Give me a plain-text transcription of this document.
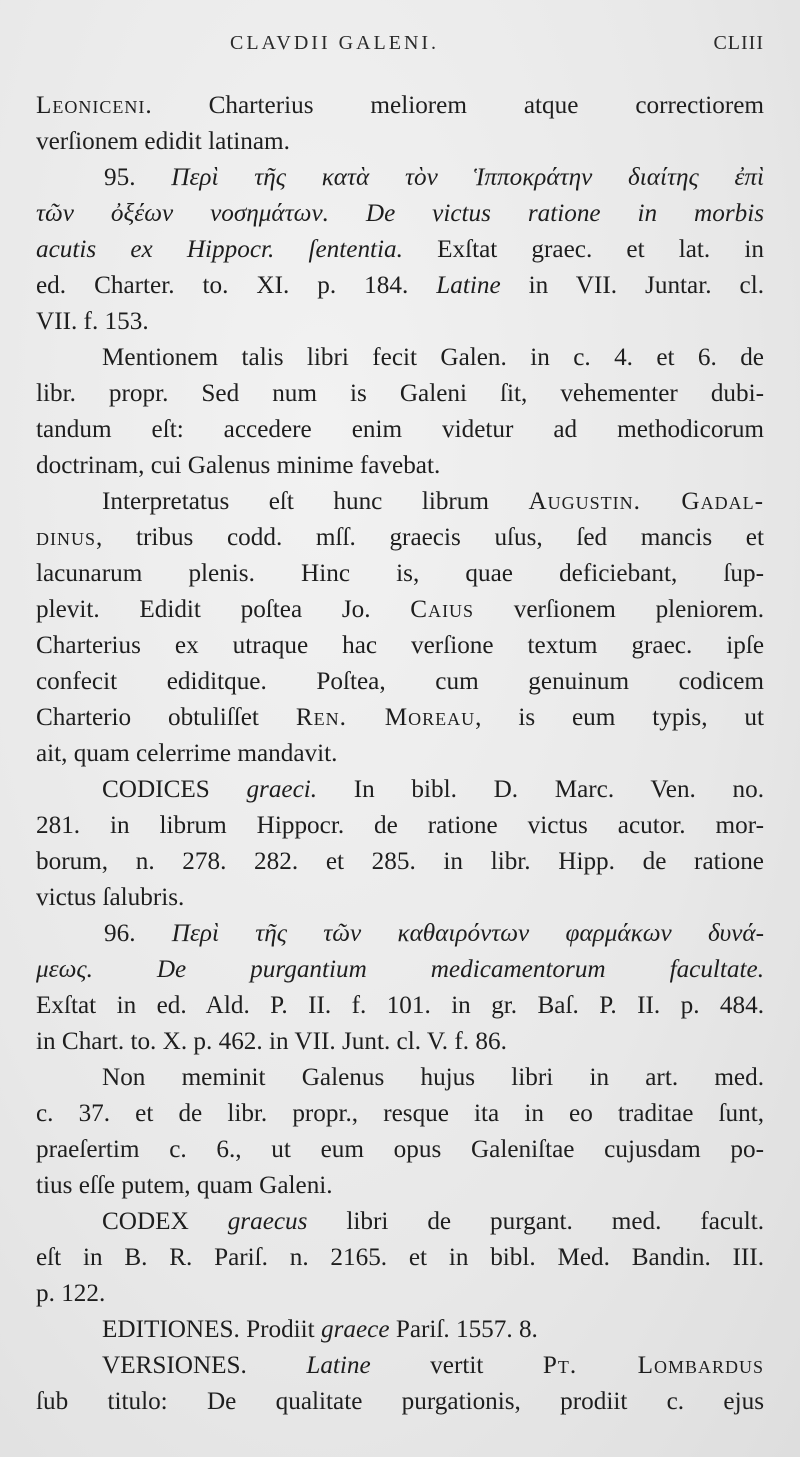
CLAVDII GALENI.	CLIII
Leoniceni. Charterius meliorem atque correctiorem
verſionem edidit latinam.
95. Περὶ τῆς κατὰ τὸν Ἱπποκράτην διαίτης ἐπὶ
τῶν ὀξέων νοσημάτων. De victus ratione in morbis
acutis ex Hippocr. ſententia. Exſtat graec. et lat. in
ed. Charter. to. XI. p. 184. Latine in VII. Juntar. cl.
VII. f. 153.
Mentionem talis libri fecit Galen. in c. 4. et 6. de
libr. propr. Sed num is Galeni ſit, vehementer dubi-
tandum eſt: accedere enim videtur ad methodicorum
doctrinam, cui Galenus minime favebat.
Interpretatus eſt hunc librum Augustin. Gadal-
dinus, tribus codd. mſſ. graecis uſus, ſed mancis et
lacunarum plenis. Hinc is, quae deficiebant, ſup-
plevit. Edidit poſtea Jo. Caius verſionem pleniorem.
Charterius ex utraque hac verſione textum graec. ipſe
confecit ediditque. Poſtea, cum genuinum codicem
Charterio obtuliſſet Ren. Moreau, is eum typis, ut
ait, quam celerrime mandavit.
CODICES graeci. In bibl. D. Marc. Ven. no.
281. in librum Hippocr. de ratione victus acutor. mor-
borum, n. 278. 282. et 285. in libr. Hipp. de ratione
victus ſalubris.
96. Περὶ τῆς τῶν καθαιρόντων φαρμάκων δυνά-
μεως.	De purgantium medicamentorum facultate.
Exſtat in ed. Ald. P. II. f. 101. in gr. Baſ. P. II. p. 484.
in Chart. to. X. p. 462. in VII. Junt. cl. V. f. 86.
Non meminit Galenus hujus libri in art. med.
c. 37. et de libr. propr., resque ita in eo traditae ſunt,
praeſertim c. 6., ut eum opus Galeniſtae cujusdam po-
tius eſſe putem, quam Galeni.
CODEX graecus libri de purgant. med. facult.
eſt in B. R. Pariſ. n. 2165. et in bibl. Med. Bandin. III.
p. 122.
EDITIONES. Prodiit graece Pariſ. 1557. 8.
VERSIONES. Latine vertit Pt. Lombardus
ſub titulo: De qualitate purgationis, prodiit c. ejus
